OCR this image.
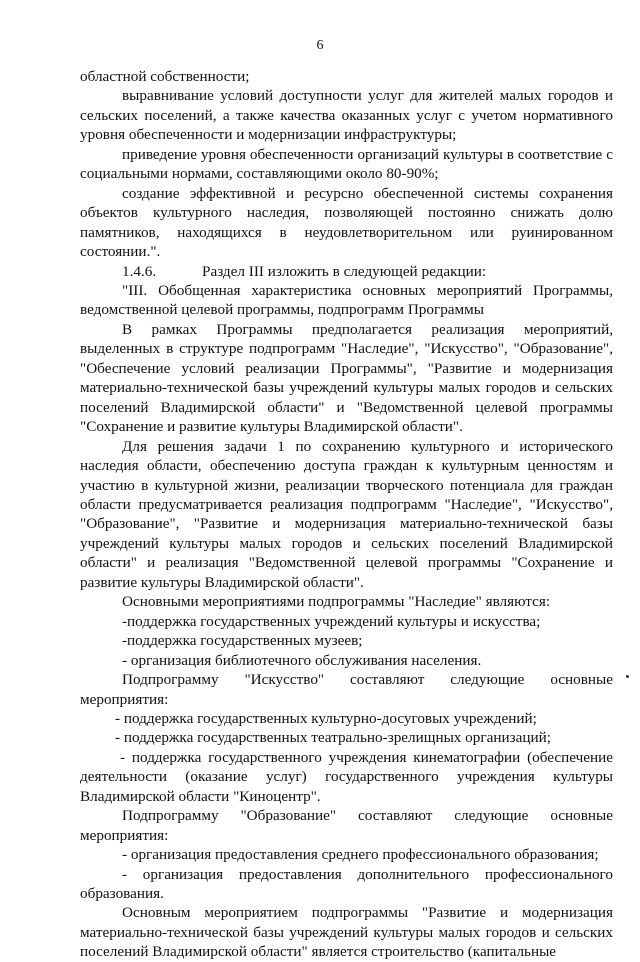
6

областной собственности;

выравнивание условий доступности услуг для жителей малых городов и сельских поселений, а также качества оказанных услуг с учетом нормативного уровня обеспеченности и модернизации инфраструктуры;

приведение уровня обеспеченности организаций культуры в соответствие с социальными нормами, составляющими около 80-90%;

создание эффективной и ресурсно обеспеченной системы сохранения объектов культурного наследия, позволяющей постоянно снижать долю памятников, находящихся в неудовлетворительном или руинированном состоянии.".

1.4.6.	Раздел III изложить в следующей редакции:

"III. Обобщенная характеристика основных мероприятий Программы, ведомственной целевой программы, подпрограмм Программы

В рамках Программы предполагается реализация мероприятий, выделенных в структуре подпрограмм "Наследие", "Искусство", "Образование", "Обеспечение условий реализации Программы", "Развитие и модернизация материально-технической базы учреждений культуры малых городов и сельских поселений Владимирской области" и "Ведомственной целевой программы "Сохранение и развитие культуры Владимирской области".

Для решения задачи 1 по сохранению культурного и исторического наследия области, обеспечению доступа граждан к культурным ценностям и участию в культурной жизни, реализации творческого потенциала для граждан области предусматривается реализация подпрограмм "Наследие", "Искусство", "Образование", "Развитие и модернизация материально-технической базы учреждений культуры малых городов и сельских поселений Владимирской области" и реализация "Ведомственной целевой программы "Сохранение и развитие культуры Владимирской области".

Основными мероприятиями подпрограммы "Наследие" являются:

-поддержка государственных учреждений культуры и искусства;

-поддержка государственных музеев;

- организация библиотечного обслуживания населения.

Подпрограмму "Искусство" составляют следующие основные мероприятия:

- поддержка государственных культурно-досуговых учреждений;

- поддержка государственных театрально-зрелищных организаций;

- поддержка государственного учреждения кинематографии (обеспечение деятельности (оказание услуг) государственного учреждения культуры Владимирской области "Киноцентр".

Подпрограмму "Образование" составляют следующие основные мероприятия:

- организация предоставления среднего профессионального образования;

- организация предоставления дополнительного профессионального образования.

Основным мероприятием подпрограммы "Развитие и модернизация материально-технической базы учреждений культуры малых городов и сельских поселений Владимирской области" является строительство (капитальные
